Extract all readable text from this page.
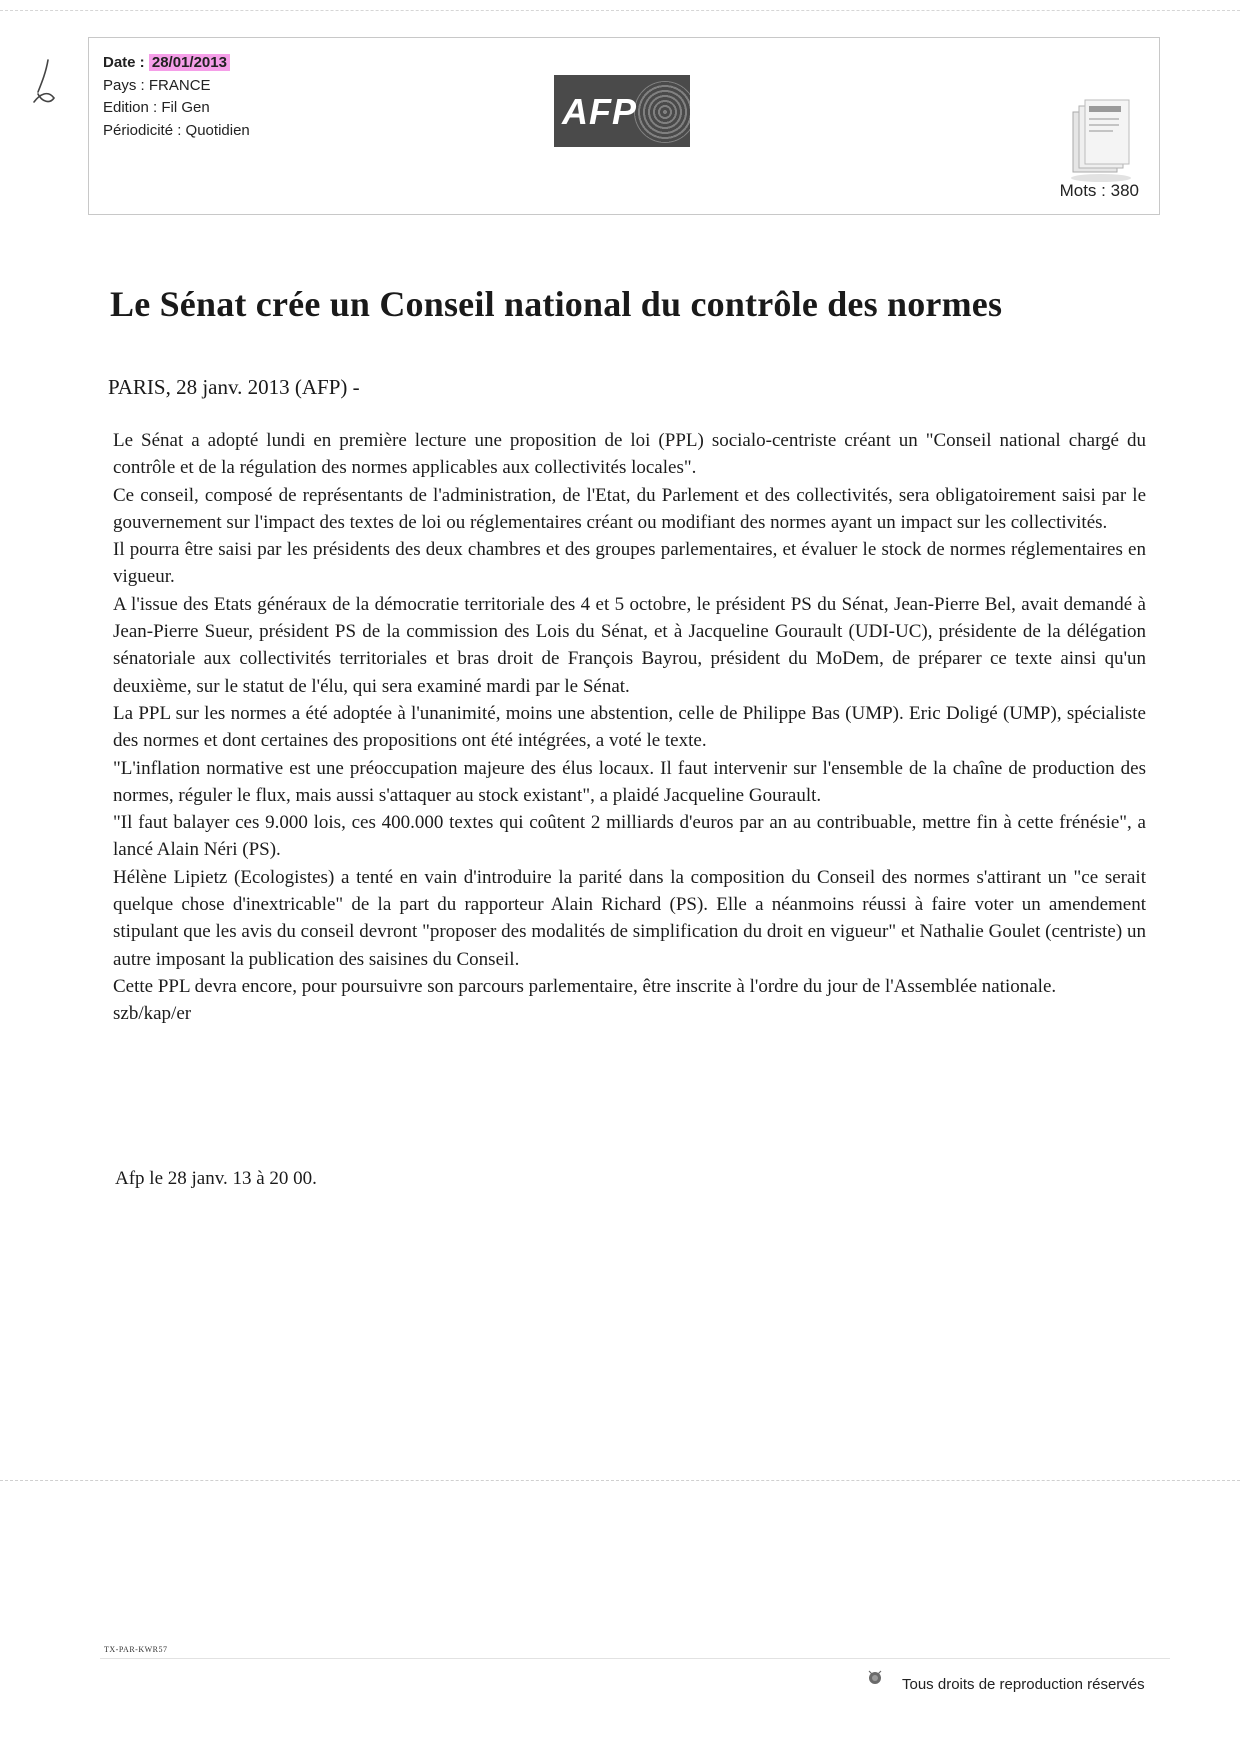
Date : 28/01/2013
Pays : FRANCE
Edition : Fil Gen
Périodicité : Quotidien	AFP
Mots : 380
Le Sénat crée un Conseil national du contrôle des normes
PARIS, 28 janv. 2013 (AFP) -

Le Sénat a adopté lundi en première lecture une proposition de loi (PPL) socialo-centriste créant un "Conseil national chargé du contrôle et de la régulation des normes applicables aux collectivités locales".

Ce conseil, composé de représentants de l'administration, de l'Etat, du Parlement et des collectivités, sera obligatoirement saisi par le gouvernement sur l'impact des textes de loi ou réglementaires créant ou modifiant des normes ayant un impact sur les collectivités.

Il pourra être saisi par les présidents des deux chambres et des groupes parlementaires, et évaluer le stock de normes réglementaires en vigueur.

A l'issue des Etats généraux de la démocratie territoriale des 4 et 5 octobre, le président PS du Sénat, Jean-Pierre Bel, avait demandé à Jean-Pierre Sueur, président PS de la commission des Lois du Sénat, et à Jacqueline Gourault (UDI-UC), présidente de la délégation sénatoriale aux collectivités territoriales et bras droit de François Bayrou, président du MoDem, de préparer ce texte ainsi qu'un deuxième, sur le statut de l'élu, qui sera examiné mardi par le Sénat.

La PPL sur les normes a été adoptée à l'unanimité, moins une abstention, celle de Philippe Bas (UMP). Eric Doligé (UMP), spécialiste des normes et dont certaines des propositions ont été intégrées, a voté le texte.

"L'inflation normative est une préoccupation majeure des élus locaux. Il faut intervenir sur l'ensemble de la chaîne de production des normes, réguler le flux, mais aussi s'attaquer au stock existant", a plaidé Jacqueline Gourault.

"Il faut balayer ces 9.000 lois, ces 400.000 textes qui coûtent 2 milliards d'euros par an au contribuable, mettre fin à cette frénésie", a lancé Alain Néri (PS).

Hélène Lipietz (Ecologistes) a tenté en vain d'introduire la parité dans la composition du Conseil des normes s'attirant un "ce serait quelque chose d'inextricable" de la part du rapporteur Alain Richard (PS). Elle a néanmoins réussi à faire voter un amendement stipulant que les avis du conseil devront "proposer des modalités de simplification du droit en vigueur" et Nathalie Goulet (centriste) un autre imposant la publication des saisines du Conseil.

Cette PPL devra encore, pour poursuivre son parcours parlementaire, être inscrite à l'ordre du jour de l'Assemblée nationale.

szb/kap/er

Afp le 28 janv. 13 à 20 00.
TX-PAR-KWR57
Tous droits de reproduction réservés
